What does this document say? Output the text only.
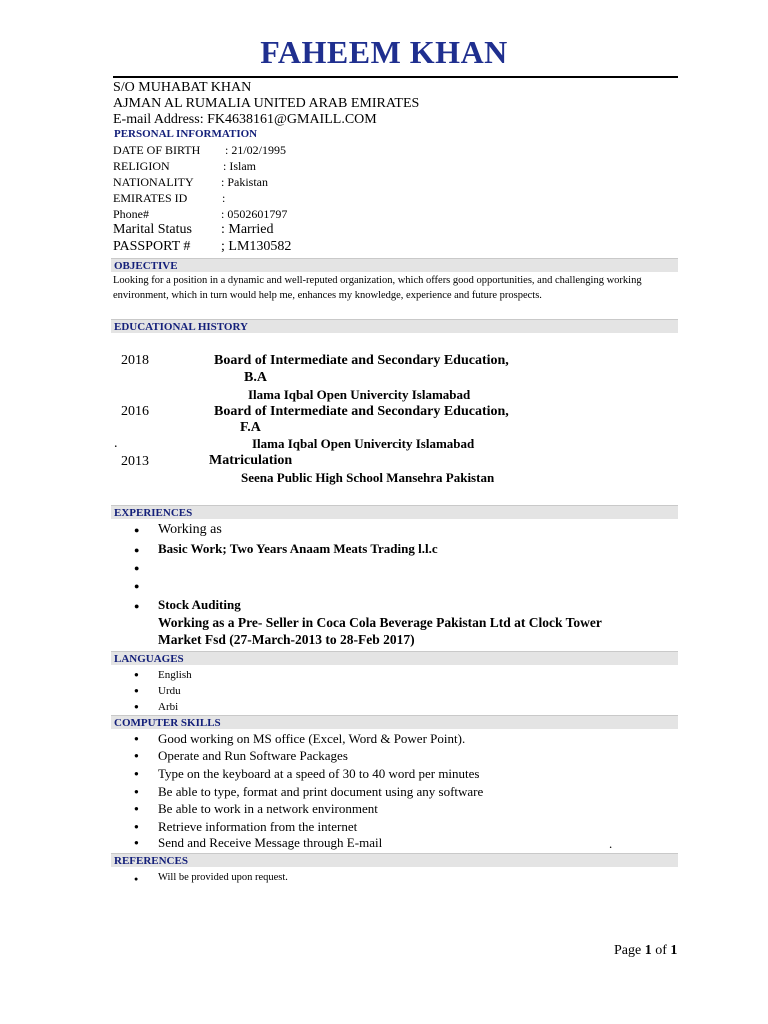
FAHEEM KHAN
S/O MUHABAT KHAN
AJMAN AL RUMALIA UNITED ARAB EMIRATES
E-mail Address: FK4638161@GMAILL.COM
PERSONAL INFORMATION
DATE OF BIRTH : 21/02/1995
RELIGION	: Islam
NATIONALITY : Pakistan
EMIRATES ID	:
Phone#	: 0502601797
Marital Status : Married
PASSPORT # ; LM130582
OBJECTIVE
Looking for a position in a dynamic and well-reputed organization, which offers good opportunities, and challenging working environment, which in turn would help me, enhances my knowledge, experience and future prospects.
EDUCATIONAL HISTORY
2018	Board of Intermediate and Secondary Education,
B.A
Ilama Iqbal Open Univercity Islamabad
2016	Board of Intermediate and Secondary Education,
F.A
.	Ilama Iqbal Open Univercity Islamabad
2013	Matriculation
Seena Public High School Mansehra Pakistan
EXPERIENCES
● Working as
● Basic Work; Two Years Anaam Meats Trading l.l.c
●
●
● Stock Auditing
Working as a Pre- Seller in Coca Cola Beverage Pakistan Ltd at Clock Tower
Market Fsd (27-March-2013 to 28-Feb 2017)
LANGUAGES
● English
● Urdu
● Arbi
COMPUTER SKILLS
● Good working on MS office (Excel, Word & Power Point).
● Operate and Run Software Packages
● Type on the keyboard at a speed of 30 to 40 word per minutes
● Be able to type, format and print document using any software
● Be able to work in a network environment
● Retrieve information from the internet
● Send and Receive Message through E-mail	.
REFERENCES
● Will be provided upon request.
Page 1 of 1
